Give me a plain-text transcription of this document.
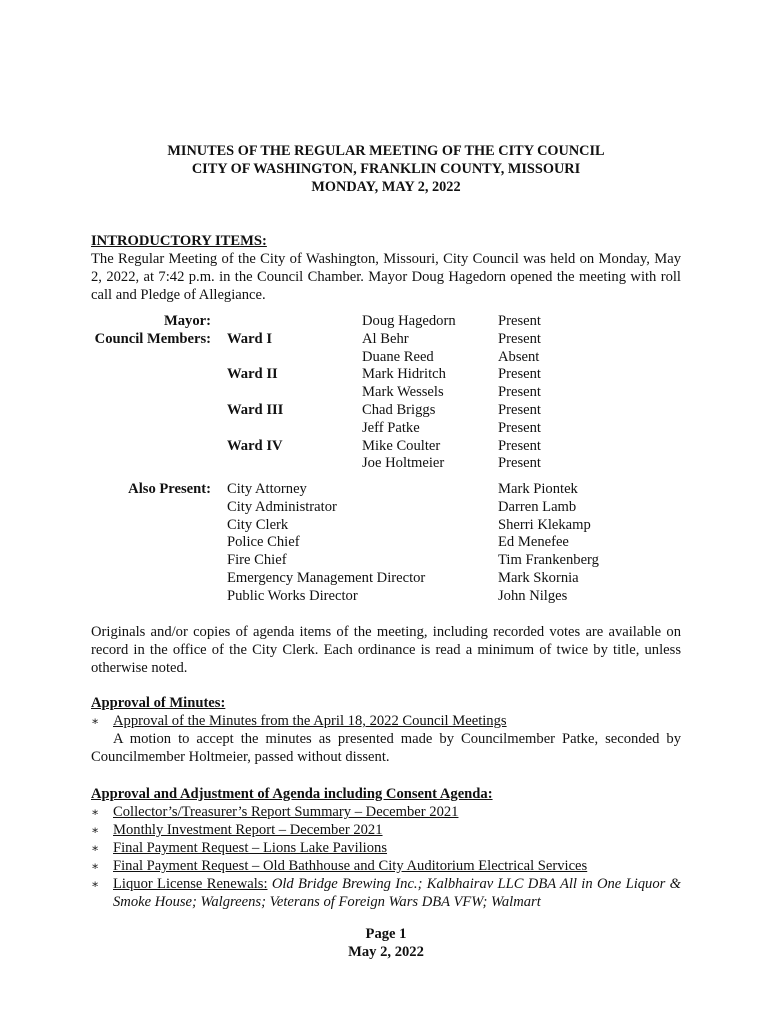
MINUTES OF THE REGULAR MEETING OF THE CITY COUNCIL
CITY OF WASHINGTON, FRANKLIN COUNTY, MISSOURI
MONDAY, MAY 2, 2022
INTRODUCTORY ITEMS:
The Regular Meeting of the City of Washington, Missouri, City Council was held on Monday, May 2, 2022, at 7:42 p.m. in the Council Chamber. Mayor Doug Hagedorn opened the meeting with roll call and Pledge of Allegiance.
Mayor:	Doug Hagedorn	Present
Council Members: Ward I	Al Behr	Present
Duane Reed	Absent
Ward II	Mark Hidritch	Present
Mark Wessels	Present
Ward III	Chad Briggs	Present
Jeff Patke	Present
Ward IV	Mike Coulter	Present
Joe Holtmeier	Present
Also Present: City Attorney	Mark Piontek
City Administrator	Darren Lamb
City Clerk	Sherri Klekamp
Police Chief	Ed Menefee
Fire Chief	Tim Frankenberg
Emergency Management Director	Mark Skornia
Public Works Director	John Nilges
Originals and/or copies of agenda items of the meeting, including recorded votes are available on record in the office of the City Clerk. Each ordinance is read a minimum of twice by title, unless otherwise noted.
Approval of Minutes:
∗ Approval of the Minutes from the April 18, 2022 Council Meetings
A motion to accept the minutes as presented made by Councilmember Patke, seconded by Councilmember Holtmeier, passed without dissent.
Approval and Adjustment of Agenda including Consent Agenda:
∗ Collector’s/Treasurer’s Report Summary – December 2021
∗ Monthly Investment Report – December 2021
∗ Final Payment Request – Lions Lake Pavilions
∗ Final Payment Request – Old Bathhouse and City Auditorium Electrical Services
∗ Liquor License Renewals: Old Bridge Brewing Inc.; Kalbhairav LLC DBA All in One Liquor & Smoke House; Walgreens; Veterans of Foreign Wars DBA VFW; Walmart
Page 1
May 2, 2022
